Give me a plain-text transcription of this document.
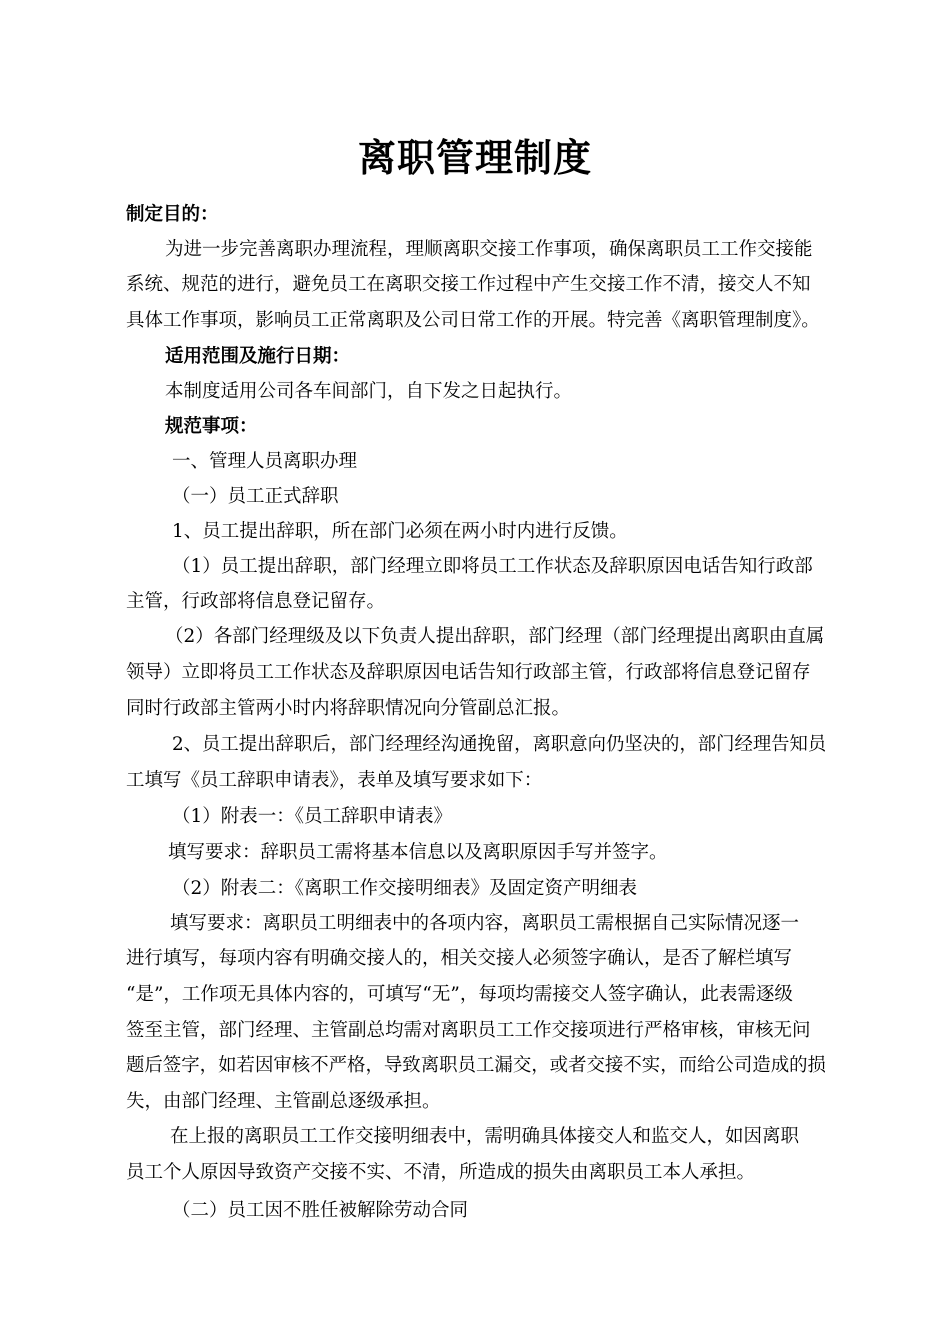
离职管理制度
制定目的：
为进一步完善离职办理流程，理顺离职交接工作事项，确保离职员工工作交接能
系统、规范的进行，避免员工在离职交接工作过程中产生交接工作不清，接交人不知
具体工作事项，影响员工正常离职及公司日常工作的开展。特完善《离职管理制度》。
适用范围及施行日期：
本制度适用公司各车间部门，自下发之日起执行。
规范事项：
一、管理人员离职办理
（一）员工正式辞职
1、员工提出辞职，所在部门必须在两小时内进行反馈。
（1）员工提出辞职，部门经理立即将员工工作状态及辞职原因电话告知行政部
主管，行政部将信息登记留存。
（2）各部门经理级及以下负责人提出辞职，部门经理（部门经理提出离职由直属
领导）立即将员工工作状态及辞职原因电话告知行政部主管，行政部将信息登记留存
同时行政部主管两小时内将辞职情况向分管副总汇报。
2、员工提出辞职后，部门经理经沟通挽留，离职意向仍坚决的，部门经理告知员
工填写《员工辞职申请表》，表单及填写要求如下：
（1）附表一：《员工辞职申请表》
填写要求：辞职员工需将基本信息以及离职原因手写并签字。
（2）附表二：《离职工作交接明细表》及固定资产明细表
填写要求：离职员工明细表中的各项内容，离职员工需根据自己实际情况逐一
进行填写，每项内容有明确交接人的，相关交接人必须签字确认，是否了解栏填写
“是”，工作项无具体内容的，可填写“无”，每项均需接交人签字确认，此表需逐级
签至主管，部门经理、主管副总均需对离职员工工作交接项进行严格审核，审核无问
题后签字，如若因审核不严格，导致离职员工漏交，或者交接不实，而给公司造成的损
失，由部门经理、主管副总逐级承担。
在上报的离职员工工作交接明细表中，需明确具体接交人和监交人，如因离职
员工个人原因导致资产交接不实、不清，所造成的损失由离职员工本人承担。
（二）员工因不胜任被解除劳动合同
